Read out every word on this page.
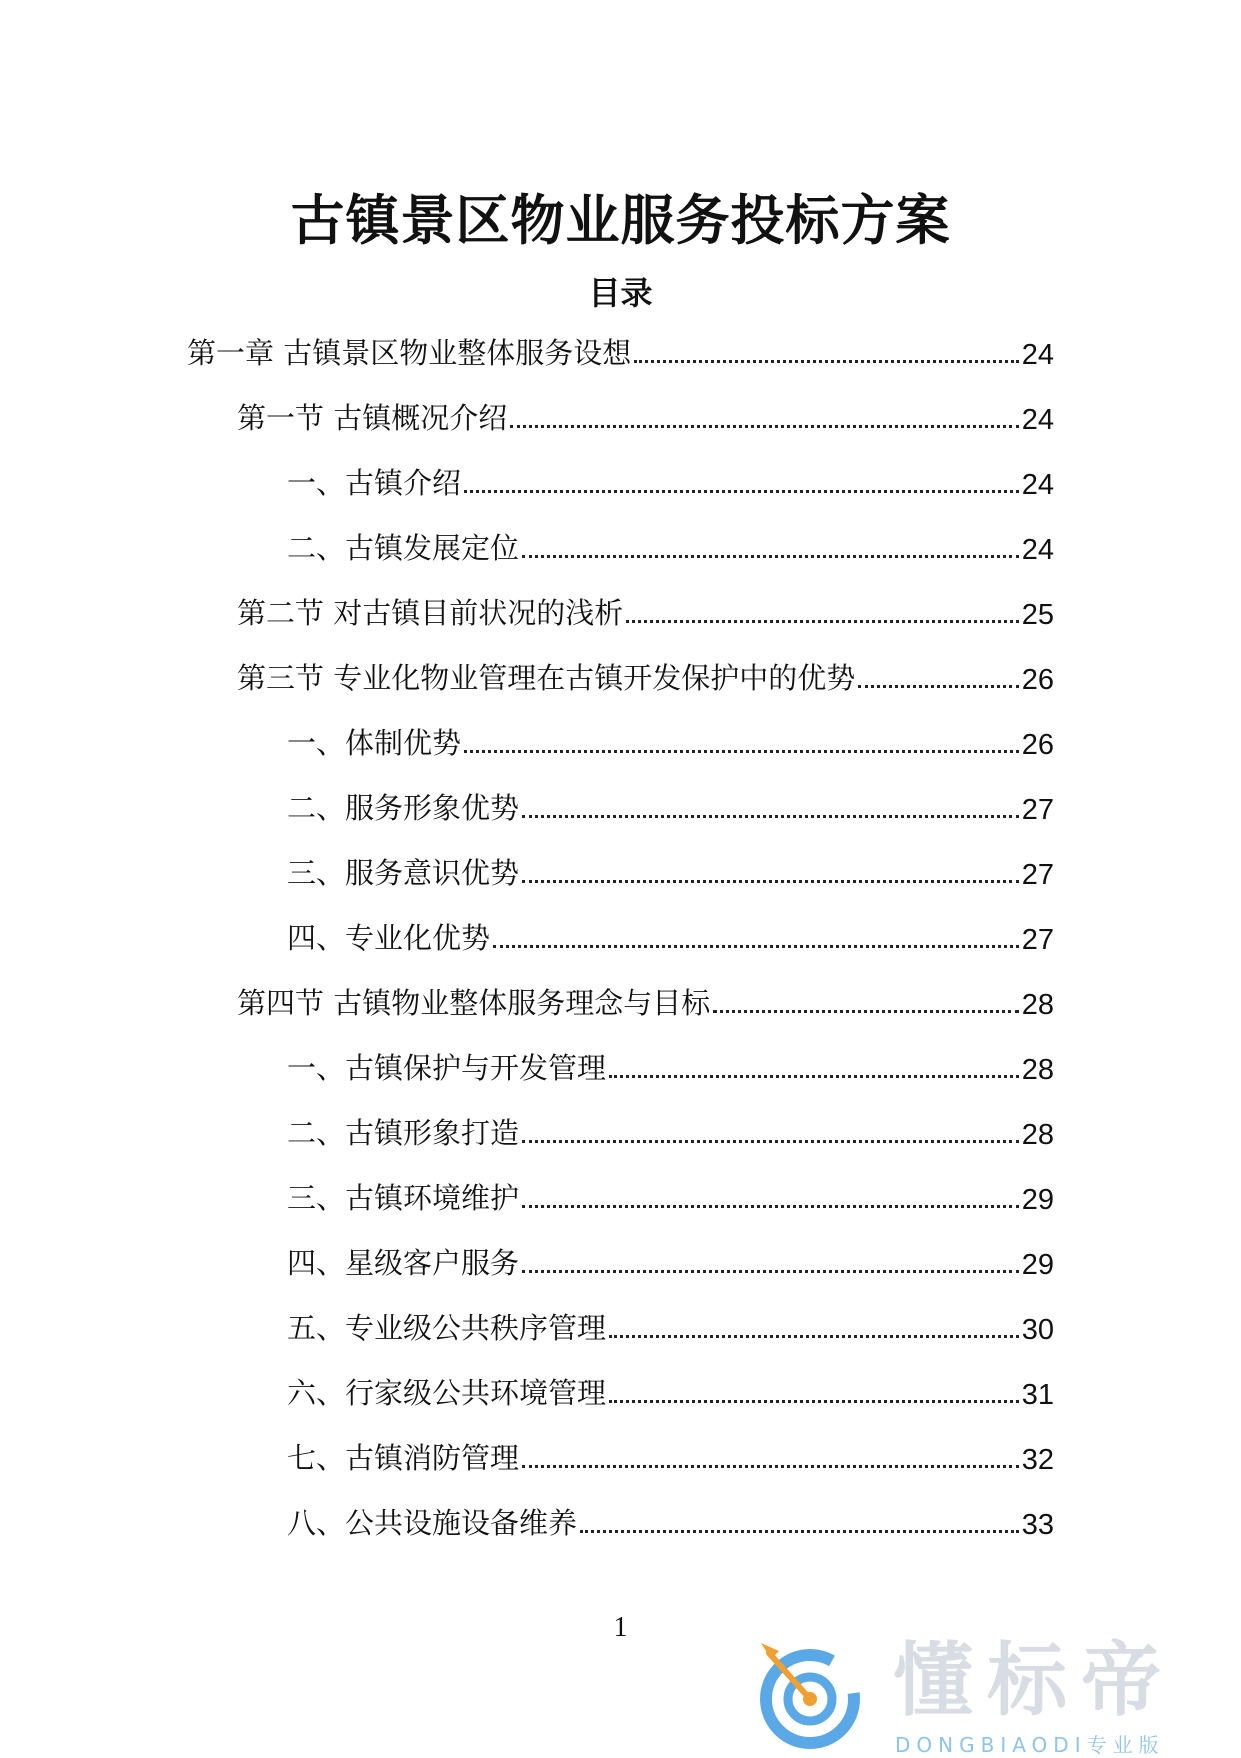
古镇景区物业服务投标方案
目录
第一章 古镇景区物业整体服务设想	24
第一节 古镇概况介绍	24
一、古镇介绍	24
二、古镇发展定位	24
第二节 对古镇目前状况的浅析	25
第三节 专业化物业管理在古镇开发保护中的优势	26
一、体制优势	26
二、服务形象优势	27
三、服务意识优势	27
四、专业化优势	27
第四节 古镇物业整体服务理念与目标	28
一、古镇保护与开发管理	28
二、古镇形象打造	28
三、古镇环境维护	29
四、星级客户服务	29
五、专业级公共秩序管理	30
六、行家级公共环境管理	31
七、古镇消防管理	32
八、公共设施设备维养	33
1
懂标帝
DONGBIAODI专业版
